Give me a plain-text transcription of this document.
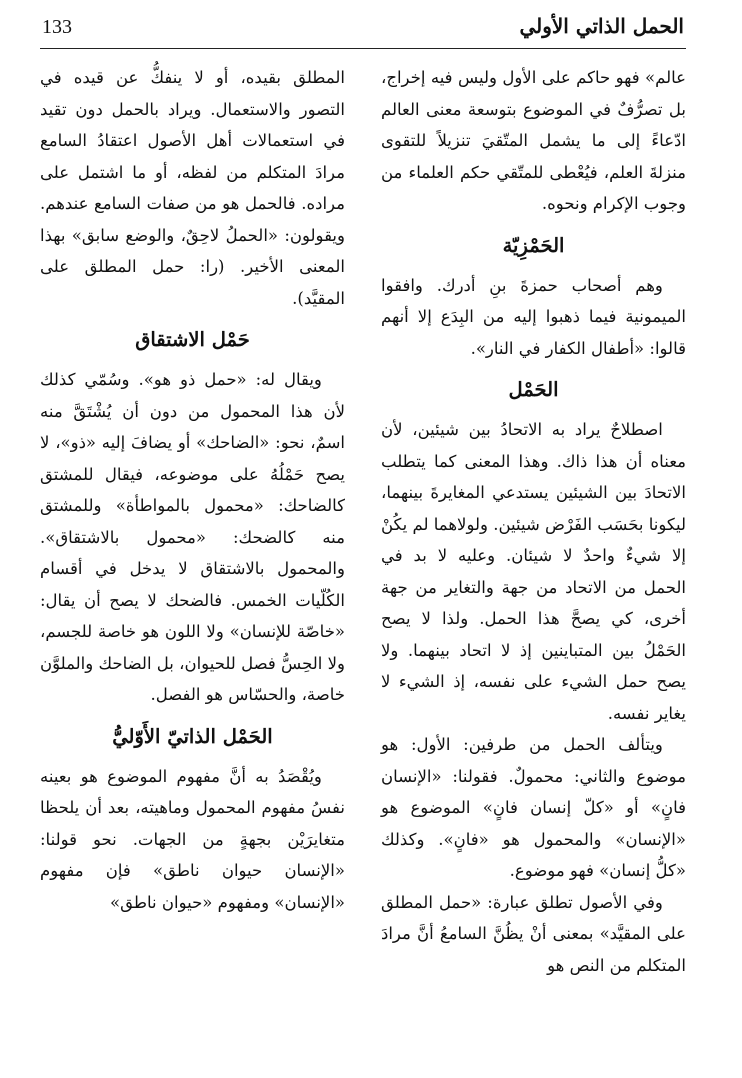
133	الحمل الذاتي الأولي

عالم» فهو حاكم على الأول وليس فيه إخراج، بل تصرُّفٌ في الموضوع بتوسعة معنى العالم ادّعاءً إلى ما يشمل المتّقيَ تنزيلاً للتقوى منزلةَ العلم، فيُعْطى للمتّقي حكم العلماء من وجوب الإكرام ونحوه.

الحَمْزِيّة

وهم أصحاب حمزةَ بنِ أدرك. وافقوا الميمونية فيما ذهبوا إليه من البِدَع إلا أنهم قالوا: «أطفال الكفار في النار».

الحَمْل

اصطلاحٌ يراد به الاتحادُ بين شيئين، لأن معناه أن هذا ذاك. وهذا المعنى كما يتطلب الاتحادَ بين الشيئين يستدعي المغايرةَ بينهما، ليكونا بحَسَب الفَرْض شيئين. ولولاهما لم يكُنْ إلا شيءٌ واحدٌ لا شيئان. وعليه لا بد في الحمل من الاتحاد من جهة والتغاير من جهة أخرى، كي يصحَّ هذا الحمل. ولذا لا يصح الحَمْلُ بين المتباينين إذ لا اتحاد بينهما. ولا يصح حمل الشيء على نفسه، إذ الشيء لا يغاير نفسه.

ويتألف الحمل من طرفين: الأول: هو موضوع والثاني: محمولٌ. فقولنا: «الإنسان فانٍ» أو «كلّ إنسان فانٍ» الموضوع هو «الإنسان» والمحمول هو «فانٍ». وكذلك «كلُّ إنسان» فهو موضوع.

وفي الأصول تطلق عبارة: «حمل المطلق على المقيَّد» بمعنى أنْ يظُنَّ السامعُ أنَّ مرادَ المتكلم من النص هو

المطلق بقيده، أو لا ينفكُّ عن قيده في التصور والاستعمال. ويراد بالحمل دون تقيد في استعمالات أهل الأصول اعتقادُ السامع مرادَ المتكلم من لفظه، أو ما اشتمل على مراده. فالحمل هو من صفات السامع عندهم. ويقولون: «الحملُ لاحِقٌ، والوضع سابق» بهذا المعنى الأخير. (را: حمل المطلق على المقيَّد).

حَمْل الاشتقاق

ويقال له: «حمل ذو هو». وسُمّي كذلك لأن هذا المحمول من دون أن يُشْتَقَّ منه اسمٌ، نحو: «الضاحك» أو يضافَ إليه «ذو»، لا يصح حَمْلُهُ على موضوعه، فيقال للمشتق كالضاحك: «محمول بالمواطأة» وللمشتق منه كالضحك: «محمول بالاشتقاق». والمحمول بالاشتقاق لا يدخل في أقسام الكُلّيات الخمس. فالضحك لا يصح أن يقال: «خاصّة للإنسان» ولا اللون هو خاصة للجسم، ولا الحِسُّ فصل للحيوان، بل الضاحك والملوَّن خاصة، والحسّاس هو الفصل.

الحَمْل الذاتيّ الأَوّليُّ

ويُقْصَدُ به أنَّ مفهوم الموضوع هو بعينه نفسُ مفهوم المحمول وماهيته، بعد أن يلحظا متغايرَيْن بجهةٍ من الجهات. نحو قولنا: «الإنسان حيوان ناطق» فإن مفهوم «الإنسان» ومفهوم «حيوان ناطق»
